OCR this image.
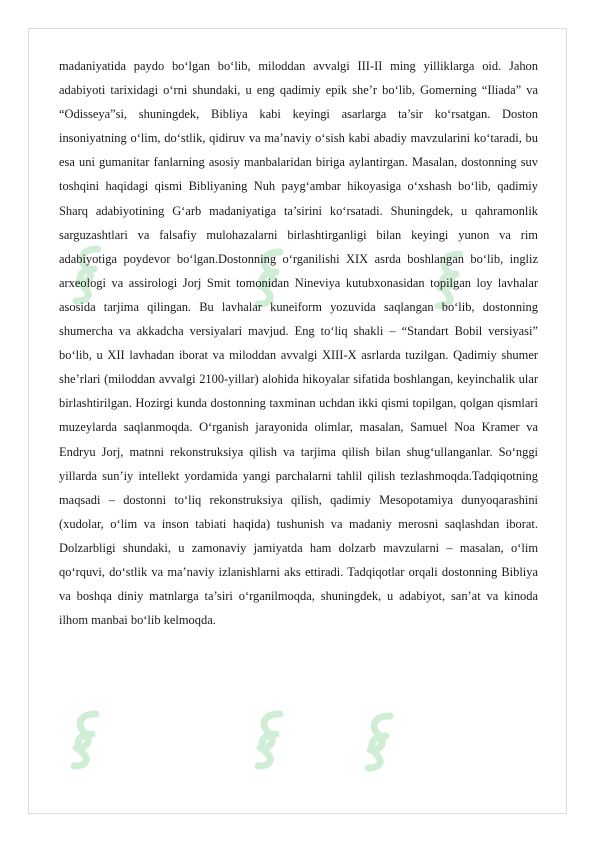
madaniyatida paydo bo‘lgan bo‘lib, miloddan avvalgi III-II ming yilliklarga oid. Jahon adabiyoti tarixidagi o‘rni shundaki, u eng qadimiy epik she’r bo‘lib, Gomerning “Iliada” va “Odisseya”si, shuningdek, Bibliya kabi keyingi asarlarga ta’sir ko‘rsatgan. Doston insoniyatning o‘lim, do‘stlik, qidiruv va ma’naviy o‘sish kabi abadiy mavzularini ko‘taradi, bu esa uni gumanitar fanlarning asosiy manbalaridan biriga aylantirgan. Masalan, dostonning suv toshqini haqidagi qismi Bibliyaning Nuh payg‘ambar hikoyasiga o‘xshash bo‘lib, qadimiy Sharq adabiyotining G‘arb madaniyatiga ta’sirini ko‘rsatadi. Shuningdek, u qahramonlik sarguzashtlari va falsafiy mulohazalarni birlashtirganligi bilan keyingi yunon va rim adabiyotiga poydevor bo‘lgan.Dostonning o‘rganilishi XIX asrda boshlangan bo‘lib, ingliz arxeologi va assirologi Jorj Smit tomonidan Nineviya kutubxonasidan topilgan loy lavhalar asosida tarjima qilingan. Bu lavhalar kuneiform yozuvida saqlangan bo‘lib, dostonning shumercha va akkadcha versiyalari mavjud. Eng to‘liq shakli – “Standart Bobil versiyasi” bo‘lib, u XII lavhadan iborat va miloddan avvalgi XIII-X asrlarda tuzilgan. Qadimiy shumer she’rlari (miloddan avvalgi 2100-yillar) alohida hikoyalar sifatida boshlangan, keyinchalik ular birlashtirilgan. Hozirgi kunda dostonning taxminan uchdan ikki qismi topilgan, qolgan qismlari muzeylarda saqlanmoqda. O‘rganish jarayonida olimlar, masalan, Samuel Noa Kramer va Endryu Jorj, matnni rekonstruksiya qilish va tarjima qilish bilan shug‘ullanganlar. So‘nggi yillarda sun’iy intellekt yordamida yangi parchalarni tahlil qilish tezlashmoqda.Tadqiqotning maqsadi – dostonni to‘liq rekonstruksiya qilish, qadimiy Mesopotamiya dunyoqarashini (xudolar, o‘lim va inson tabiati haqida) tushunish va madaniy merosni saqlashdan iborat. Dolzarbligi shundaki, u zamonaviy jamiyatda ham dolzarb mavzularni – masalan, o‘lim qo‘rquvi, do‘stlik va ma’naviy izlanishlarni aks ettiradi. Tadqiqotlar orqali dostonning Bibliya va boshqa diniy matnlarga ta’siri o‘rganilmoqda, shuningdek, u adabiyot, san’at va kinoda ilhom manbai bo‘lib kelmoqda.
